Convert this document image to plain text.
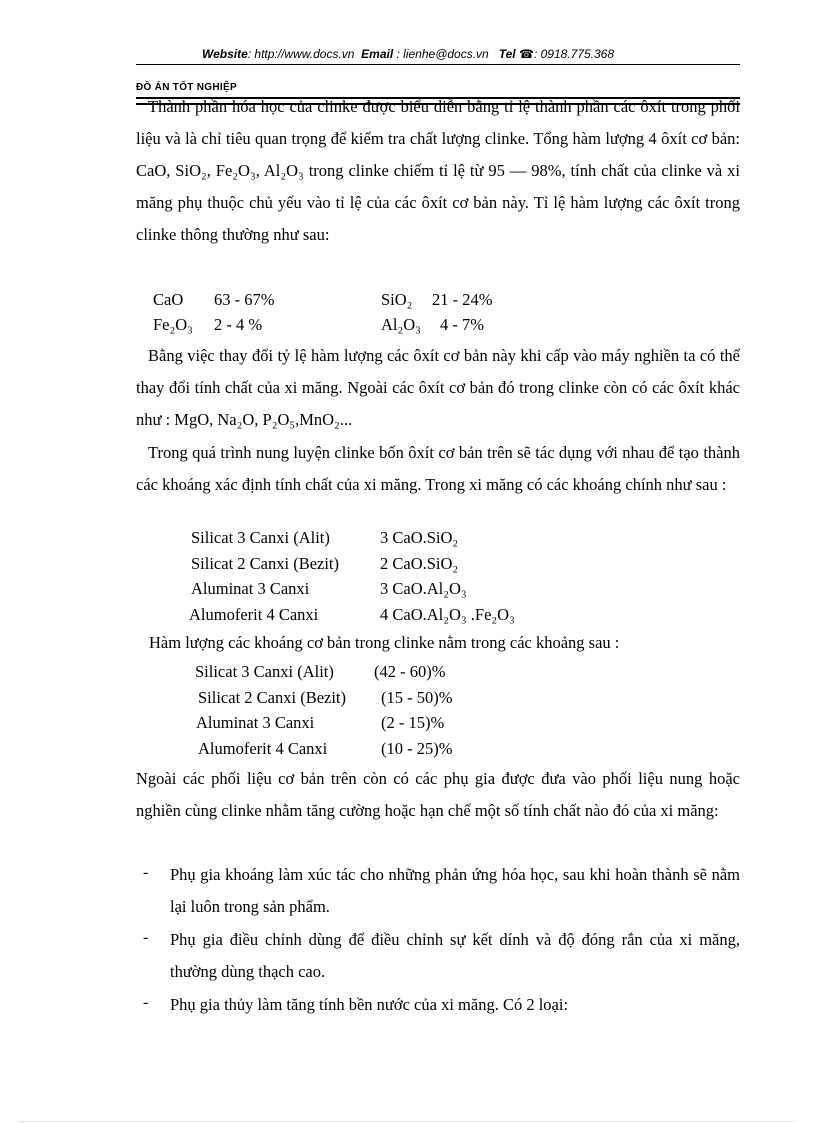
Website: http://www.docs.vn Email : lienhe@docs.vn Tel ☎: 0918.775.368
ĐỒ ÁN TỐT NGHIỆP
Thành phần hóa học của clinke được biểu diễn bằng tỉ lệ thành phần các ôxít trong phối liệu và là chỉ tiêu quan trọng để kiểm tra chất lượng clinke. Tổng hàm lượng 4 ôxít cơ bản: CaO, SiO₂, Fe₂O₃, Al₂O₃ trong clinke chiếm tỉ lệ từ 95 — 98%, tính chất của clinke và xi măng phụ thuộc chủ yếu vào tỉ lệ của các ôxít cơ bản này. Tỉ lệ hàm lượng các ôxít trong clinke thông thường như sau:
CaO 63 - 67%	SiO₂ 21 - 24%
Fe₂O₃ 2 - 4 %	Al₂O₃ 4 - 7%
Bằng việc thay đổi tỷ lệ hàm lượng các ôxít cơ bản này khi cấp vào máy nghiền ta có thể thay đổi tính chất của xi măng. Ngoài các ôxít cơ bản đó trong clinke còn có các ôxít khác như : MgO, Na₂O, P₂O₅,MnO₂...
Trong quá trình nung luyện clinke bốn ôxít cơ bản trên sẽ tác dụng với nhau để tạo thành các khoáng xác định tính chất của xi măng. Trong xi măng có các khoáng chính như sau :
Silicat 3 Canxi (Alit)	3 CaO.SiO₂
Silicat 2 Canxi (Bezit) 2 CaO.SiO₂
Aluminat 3 Canxi	3 CaO.Al₂O₃
Alumoferit 4 Canxi	4 CaO.Al₂O₃ .Fe₂O₃
Hàm lượng các khoáng cơ bản trong clinke nằm trong các khoảng sau :
Silicat 3 Canxi (Alit) (42 - 60)%
Silicat 2 Canxi (Bezit) (15 - 50)%
Aluminat 3 Canxi	(2 - 15)%
Alumoferit 4 Canxi	(10 - 25)%
Ngoài các phối liệu cơ bản trên còn có các phụ gia được đưa vào phối liệu nung hoặc nghiền cùng clinke nhằm tăng cường hoặc hạn chế một số tính chất nào đó của xi măng:
- Phụ gia khoáng làm xúc tác cho những phản ứng hóa học, sau khi hoàn thành sẽ nằm lại luôn trong sản phẩm.
- Phụ gia điều chỉnh dùng để điều chỉnh sự kết dính và độ đóng rắn của xi măng, thường dùng thạch cao.
- Phụ gia thủy làm tăng tính bền nước của xi măng. Có 2 loại:
